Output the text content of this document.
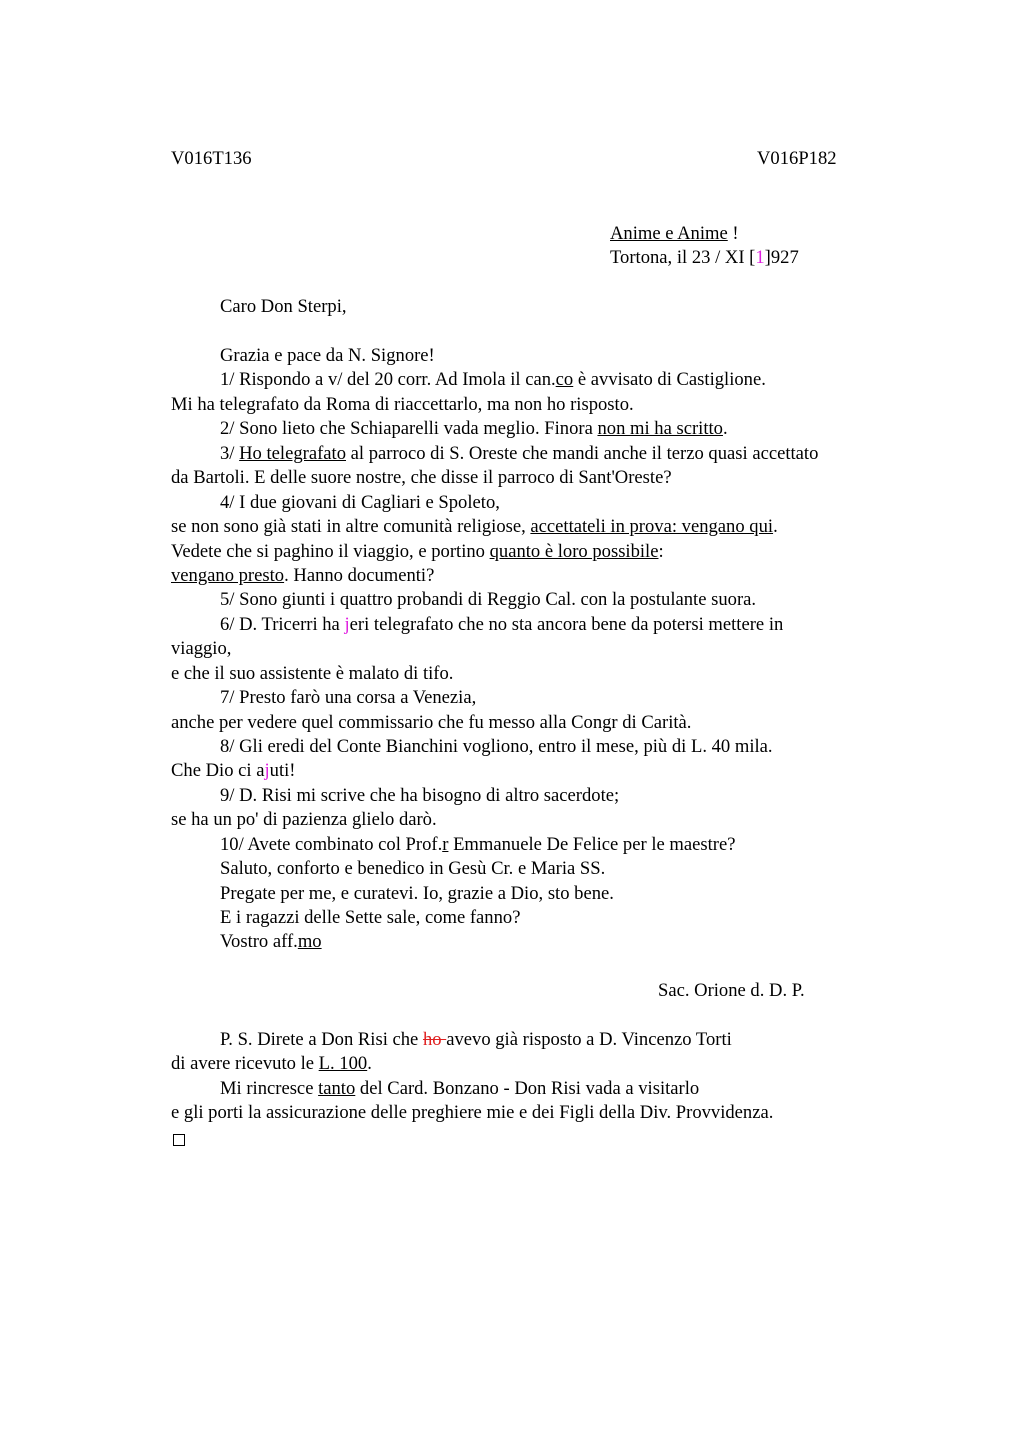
V016T136	V016P182
Anime e Anime !
Tortona, il 23 / XI [1]927
Caro Don Sterpi,
Grazia e pace da N. Signore!
1/ Rispondo a v/ del 20 corr. Ad Imola il can.co è avvisato di Castiglione.
Mi ha telegrafato da Roma di riaccettarlo, ma non ho risposto.
2/ Sono lieto che Schiaparelli vada meglio. Finora non mi ha scritto.
3/ Ho telegrafato al parroco di S. Oreste che mandi anche il terzo quasi accettato
da Bartoli. E delle suore nostre, che disse il parroco di Sant'Oreste?
4/ I due giovani di Cagliari e Spoleto,
se non sono già stati in altre comunità religiose, accettateli in prova: vengano qui.
Vedete che si paghino il viaggio, e portino quanto è loro possibile:
vengano presto. Hanno documenti?
5/ Sono giunti i quattro probandi di Reggio Cal. con la postulante suora.
6/ D. Tricerri ha jeri telegrafato che no sta ancora bene da potersi mettere in
viaggio,
e che il suo assistente è malato di tifo.
7/ Presto farò una corsa a Venezia,
anche per vedere quel commissario che fu messo alla Congr di Carità.
8/ Gli eredi del Conte Bianchini vogliono, entro il mese, più di L. 40 mila.
Che Dio ci ajuti!
9/ D. Risi mi scrive che ha bisogno di altro sacerdote;
se ha un po' di pazienza glielo darò.
10/ Avete combinato col Prof.r Emmanuele De Felice per le maestre?
Saluto, conforto e benedico in Gesù Cr. e Maria SS.
Pregate per me, e curatevi. Io, grazie a Dio, sto bene.
E i ragazzi delle Sette sale, come fanno?
Vostro aff.mo
Sac. Orione d. D. P.
P. S. Direte a Don Risi che ho avevo già risposto a D. Vincenzo Torti
di avere ricevuto le L. 100.
Mi rincresce tanto del Card. Bonzano - Don Risi vada a visitarlo
e gli porti la assicurazione delle preghiere mie e dei Figli della Div. Provvidenza.
